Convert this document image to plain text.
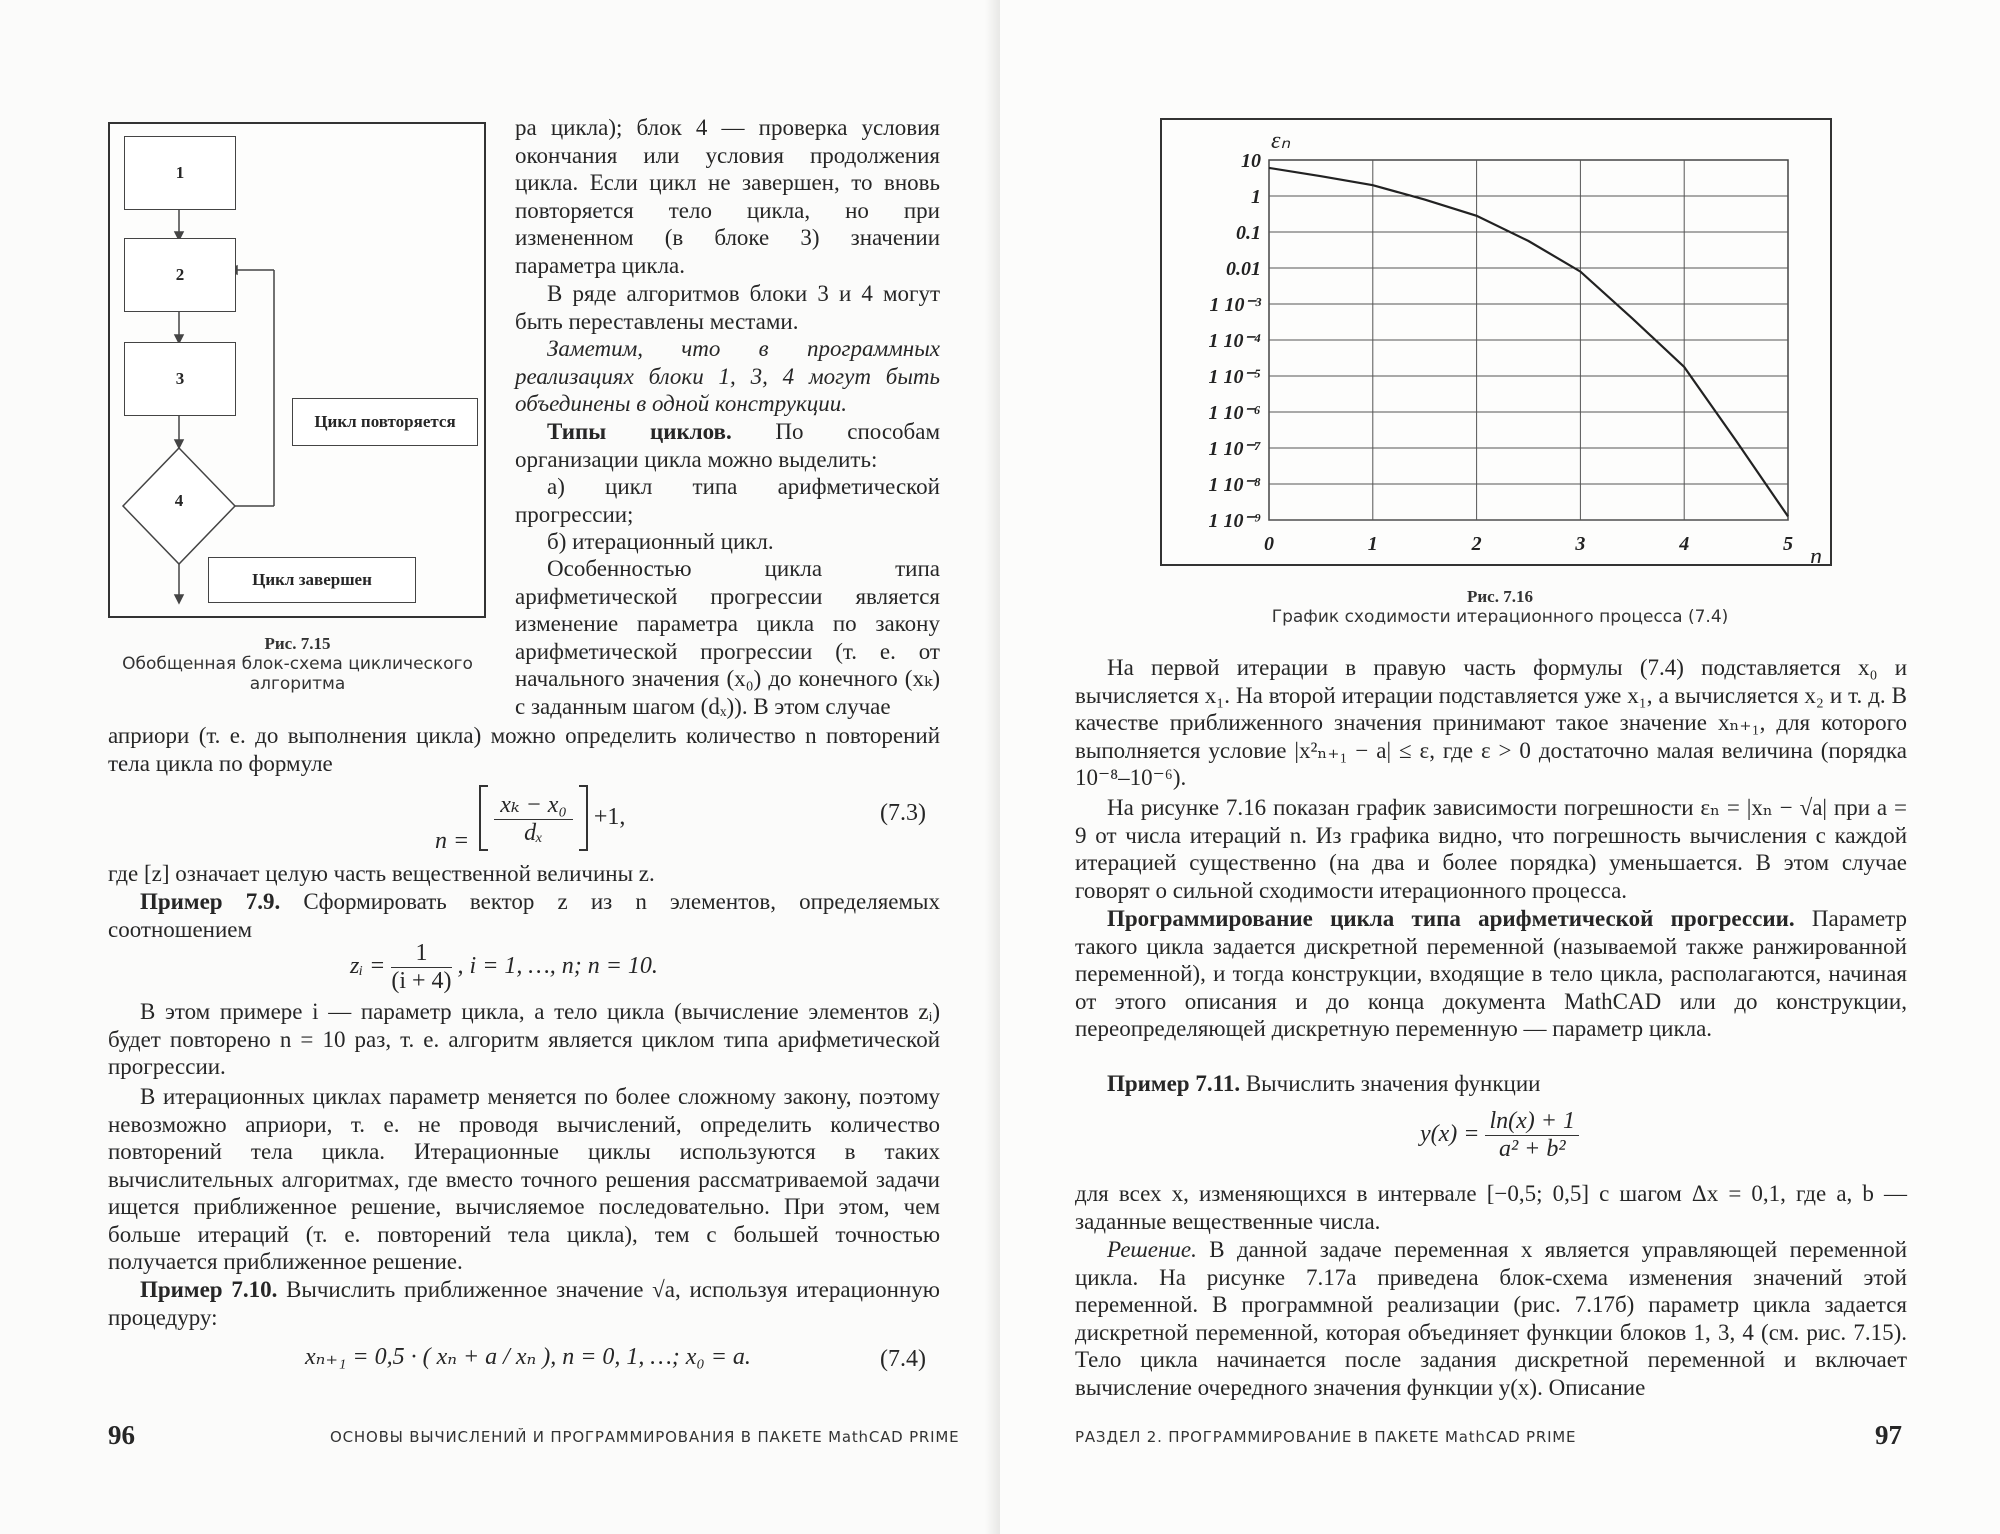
1
2
3
4
Цикл повторяется
Цикл завершен
Рис. 7.15
Обобщенная блок-схема циклического
алгоритма

ра цикла); блок 4 — проверка условия окончания или условия продолжения цикла. Если цикл не завершен, то вновь повторяется тело цикла, но при измененном (в блоке 3) значении параметра цикла.

В ряде алгоритмов блоки 3 и 4 могут быть переставлены местами.

Заметим, что в программных реализациях блоки 1, 3, 4 могут быть объединены в одной конструкции.

Типы циклов. По способам организации цикла можно выделить:

а) цикл типа арифметической прогрессии;

б) итерационный цикл.

Особенностью цикла типа арифметической прогрессии является изменение параметра цикла по закону арифметической прогрессии (т. е. от начального значения (x₀) до конечного (xₖ) с заданным шагом (dₓ)). В этом случае

априори (т. е. до выполнения цикла) можно определить количество n повторений тела цикла по формуле

$n = \frac{\text{xₖ − x₀}}{\text{dₓ}} +1$,	(7.3)

где [z] означает целую часть вещественной величины z.

Пример 7.9. Сформировать вектор z из n элементов, определяемых соотношением

zᵢ = $\frac{1}{(i + 4)}$ , i = 1, …, n; n = 10.

В этом примере i — параметр цикла, а тело цикла (вычисление элементов zᵢ) будет повторено n = 10 раз, т. е. алгоритм является циклом типа арифметической прогрессии.

В итерационных циклах параметр меняется по более сложному закону, поэтому невозможно априори, т. е. не проводя вычислений, определить количество повторений тела цикла. Итерационные циклы используются в таких вычислительных алгоритмах, где вместо точного решения рассматриваемой задачи ищется приближенное решение, вычисляемое последовательно. При этом, чем больше итераций (т. е. повторений тела цикла), тем с большей точностью получается приближенное решение.

Пример 7.10. Вычислить приближенное значение √a, используя итерационную процедуру:

xₙ₊₁ = 0,5 · ( xₙ + a / xₙ ), n = 0, 1, …; x₀ = a.	(7.4)
96	ОСНОВЫ ВЫЧИСЛЕНИЙ И ПРОГРАММИРОВАНИЯ В ПАКЕТЕ MathCAD PRIME
10
1
0.1
0.01
1 10⁻³
1 10⁻⁴
1 10⁻⁵
1 10⁻⁶
1 10⁻⁷
1 10⁻⁸
1 10⁻⁹
0	1	2	3	4	5
εₙ
n
Рис. 7.16
График сходимости итерационного процесса (7.4)

На первой итерации в правую часть формулы (7.4) подставляется x₀ и вычисляется x₁. На второй итерации подставляется уже x₁, а вычисляется x₂ и т. д. В качестве приближенного значения принимают такое значение xₙ₊₁, для которого выполняется условие |x²ₙ₊₁ − a| ≤ ε, где ε > 0 достаточно малая величина (порядка 10⁻⁸–10⁻⁶).

На рисунке 7.16 показан график зависимости погрешности εₙ = |xₙ − √a| при a = 9 от числа итераций n. Из графика видно, что погрешность вычисления с каждой итерацией существенно (на два и более порядка) уменьшается. В этом случае говорят о сильной сходимости итерационного процесса.

Программирование цикла типа арифметической прогрессии. Параметр такого цикла задается дискретной переменной (называемой также ранжированной переменной), и тогда конструкции, входящие в тело цикла, располагаются, начиная от этого описания и до конца документа MathCAD или до конструкции, переопределяющей дискретную переменную — параметр цикла.

Пример 7.11. Вычислить значения функции

$y(x) = \frac{\ln(x) + 1}{\text{a² + b²}}$

для всех x, изменяющихся в интервале [−0,5; 0,5] с шагом Δx = 0,1, где a, b — заданные вещественные числа.

Решение. В данной задаче переменная x является управляющей переменной цикла. На рисунке 7.17а приведена блок-схема изменения значений этой переменной. В программной реализации (рис. 7.17б) параметр цикла задается дискретной переменной, которая объединяет функции блоков 1, 3, 4 (см. рис. 7.15). Тело цикла начинается после задания дискретной переменной и включает вычисление очередного значения функции y(x). Описание

РАЗДЕЛ 2. ПРОГРАММИРОВАНИЕ В ПАКЕТЕ MathCAD PRIME	97
